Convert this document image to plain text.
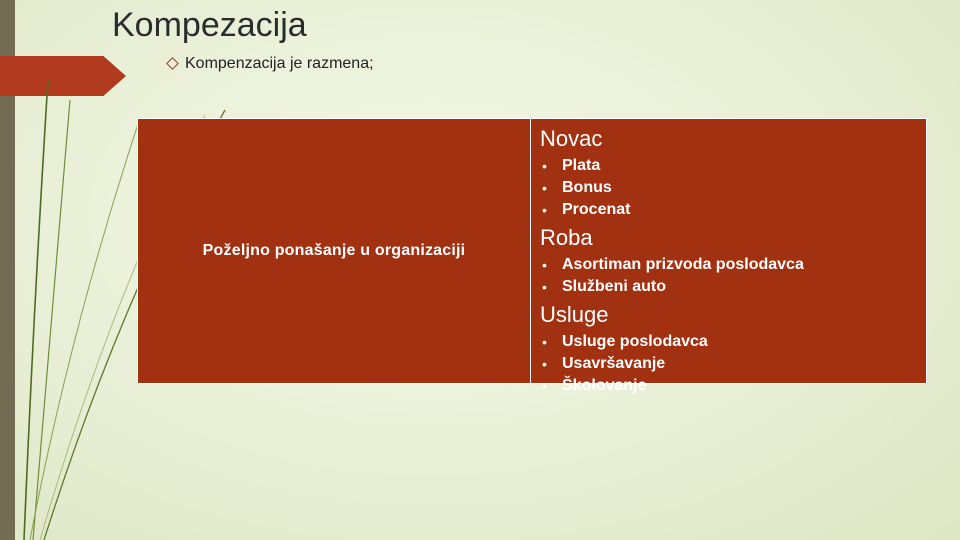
Kompezacija
Kompenzacija je razmena;
Poželjno ponašanje u organizaciji

Novac

• Plata
• Bonus
• Procenat

Roba

• Asortiman prizvoda poslodavca
• Službeni auto

Usluge

• Usluge poslodavca
• Usavršavanje
• Školovanje
